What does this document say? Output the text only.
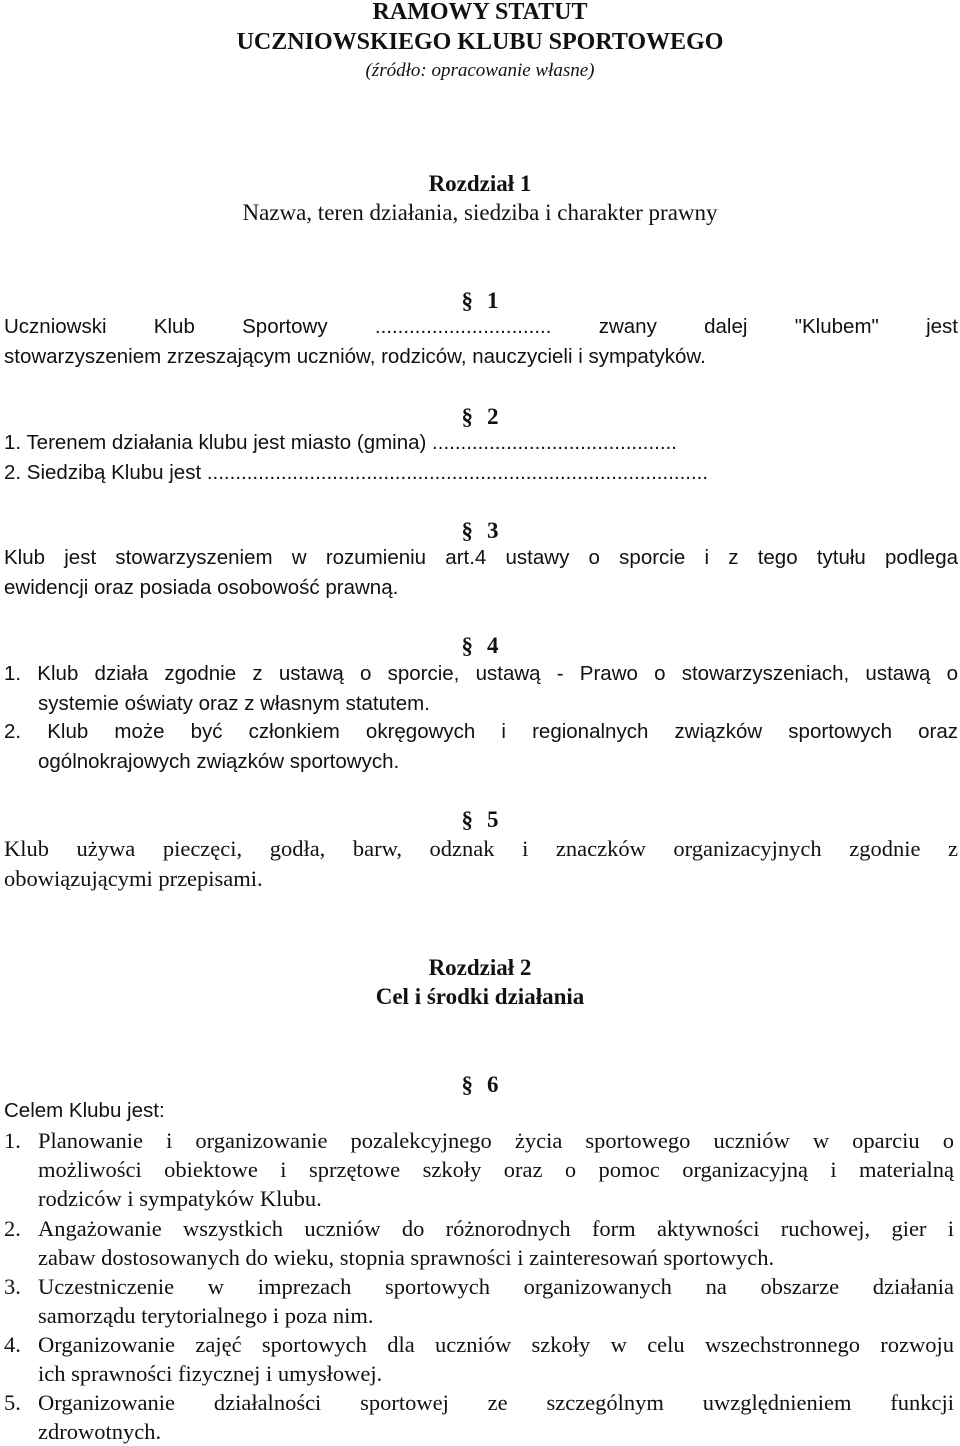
RAMOWY STATUT
UCZNIOWSKIEGO KLUBU SPORTOWEGO
(źródło: opracowanie własne)
Rozdział 1
Nazwa, teren działania, siedziba i charakter prawny
§ 1
Uczniowski Klub Sportowy ............................... zwany dalej "Klubem" jest
stowarzyszeniem zrzeszającym uczniów, rodziców, nauczycieli i sympatyków.
§ 2
1. Terenem działania klubu jest miasto (gmina) ...........................................
2. Siedzibą Klubu jest ........................................................................................
§ 3
Klub jest stowarzyszeniem w rozumieniu art.4 ustawy o sporcie i z tego tytułu podlega
ewidencji oraz posiada osobowość prawną.
§ 4
1. Klub działa zgodnie z ustawą o sporcie, ustawą - Prawo o stowarzyszeniach, ustawą o
systemie oświaty oraz z własnym statutem.
2. Klub może być członkiem okręgowych i regionalnych związków sportowych oraz
ogólnokrajowych związków sportowych.
§ 5
Klub używa pieczęci, godła, barw, odznak i znaczków organizacyjnych zgodnie z
obowiązującymi przepisami.
Rozdział 2
Cel i środki działania
§ 6
Celem Klubu jest:
1. Planowanie i organizowanie pozalekcyjnego życia sportowego uczniów w oparciu o
możliwości obiektowe i sprzętowe szkoły oraz o pomoc organizacyjną i materialną
rodziców i sympatyków Klubu.
2. Angażowanie wszystkich uczniów do różnorodnych form aktywności ruchowej, gier i
zabaw dostosowanych do wieku, stopnia sprawności i zainteresowań sportowych.
3. Uczestniczenie w imprezach sportowych organizowanych na obszarze działania
samorządu terytorialnego i poza nim.
4. Organizowanie zajęć sportowych dla uczniów szkoły w celu wszechstronnego rozwoju
ich sprawności fizycznej i umysłowej.
5. Organizowanie działalności sportowej ze szczególnym uwzględnieniem funkcji
zdrowotnych.
